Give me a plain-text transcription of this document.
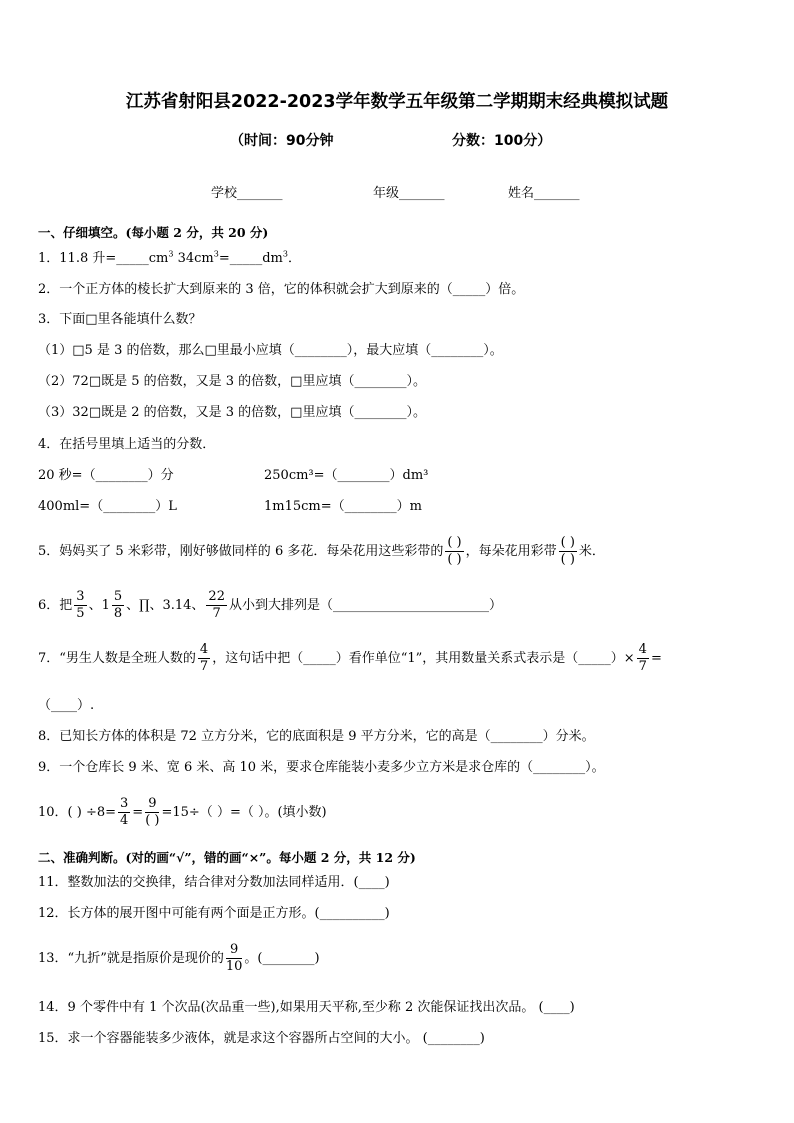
江苏省射阳县2022-2023学年数学五年级第二学期期末经典模拟试题
（时间：90分钟	分数：100分）
学校_______	年级_______	姓名_______
一、仔细填空。(每小题 2 分，共 20 分)
1．11.8 升$=\_\_\_\_\_cm^3$ $34cm^3=\_\_\_\_\_dm^3$．
2．一个正方体的棱长扩大到原来的 3 倍，它的体积就会扩大到原来的（_____）倍。
3．下面□里各能填什么数？
（1）□5 是 3 的倍数，那么□里最小应填（________），最大应填（________）。
（2）72□既是 5 的倍数，又是 3 的倍数，□里应填（________）。
（3）32□既是 2 的倍数，又是 3 的倍数，□里应填（________）。
4．在括号里填上适当的分数．
20 秒=（________）分	250cm³=（________）dm³
400ml=（________）L	1m15cm=（________）m
5．妈妈买了 5 米彩带，刚好够做同样的 6 多花．每朵花用这些彩带的 $\frac{( )}{( )}$ ，每朵花用彩带 $\frac{( )}{( )}$ 米．
6．把 $\frac{3}{5}$ 、$1 \frac{5}{8}$ 、∏、3.14、 $\frac{22}{7}$ 从小到大排列是（________________________）
7．“男生人数是全班人数的 $\frac{4}{7}$ ，这句话中把（_____）看作单位“1”，其用数量关系式表示是（_____）× $\frac{4}{7}$ =
（____）.
8．已知长方体的体积是 72 立方分米，它的底面积是 9 平方分米，它的高是（________）分米。
9．一个仓库长 9 米、宽 6 米、高 10 米，要求仓库能装小麦多少立方米是求仓库的（________）。
10．( ) $\div 8= \frac{3}{4} = \frac{9}{( )} =15\div$（ ）=（ ）。(填小数)
二、准确判断。(对的画“√”，错的画“×”。每小题 2 分，共 12 分)
11．整数加法的交换律，结合律对分数加法同样适用．(____)
12．长方体的展开图中可能有两个面是正方形。(__________)
13．“九折”就是指原价是现价的 $\frac{9}{10}$ 。(________)
14．9 个零件中有 1 个次品(次品重一些),如果用天平称,至少称 2 次能保证找出次品。 (____)
15．求一个容器能装多少液体，就是求这个容器所占空间的大小。 (________)
